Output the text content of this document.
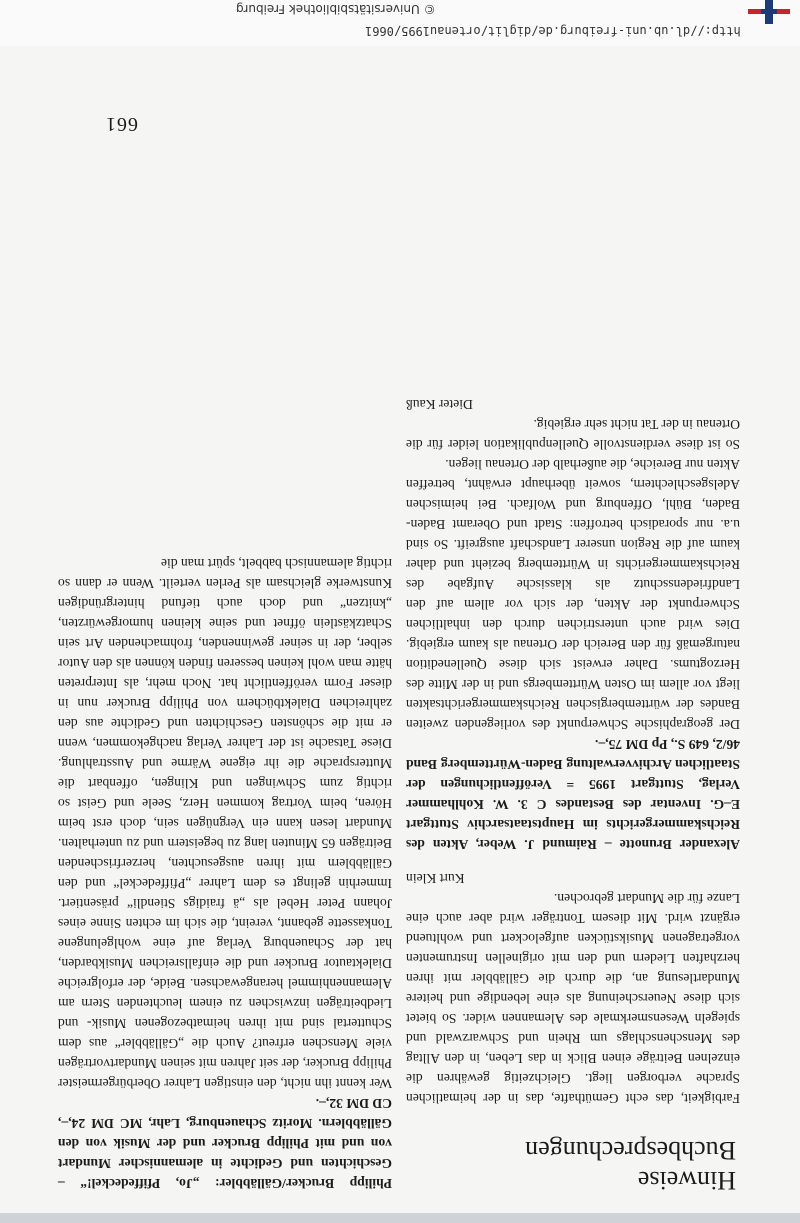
© Universitätsbibliothek Freiburg
http://dl.ub.uni-freiburg.de/diglit/ortenau1995/0661
Hinweise
Buchbesprechungen

Farbigkeit, das echt Gemüthafte, das in der heimatlichen Sprache verborgen liegt. Gleichzeitig gewähren die einzelnen Beiträge einen Blick in das Leben, in den Alltag des Menschenschlags um Rhein und Schwarzwald und spiegeln Wesensmerkmale des Alemannen wider. So bietet sich diese Neuerscheinung als eine lebendige und heitere Mundartlesung an, die durch die Gälläbbler mit ihren herzhaften Liedern und den mit originellen Instrumenten vorgetragenen Musikstücken aufgelockert und wohltuend ergänzt wird. Mit diesem Tonträger wird aber auch eine Lanze für die Mundart gebrochen.

Kurt Klein

Alexander Brunotte – Raimund J. Weber, Akten des Reichskammergerichts im Hauptstaatsarchiv Stuttgart E–G. Inventar des Bestandes C 3. W. Kohlhammer Verlag, Stuttgart 1995 = Veröffentlichungen der Staatlichen Archivverwaltung Baden-Württemberg Band 46/2, 649 S., Pp DM 75,–.

Der geographische Schwerpunkt des vorliegenden zweiten Bandes der württembergischen Reichskammergerichtsakten liegt vor allem im Osten Württembergs und in der Mitte des Herzogtums. Daher erweist sich diese Quellenedition naturgemäß für den Bereich der Ortenau als kaum ergiebig. Dies wird auch unterstrichen durch den inhaltlichen Schwerpunkt der Akten, der sich vor allem auf den Landfriedensschutz als klassische Aufgabe des Reichskammergerichts in Württemberg bezieht und daher kaum auf die Region unserer Landschaft ausgreift. So sind u.a. nur sporadisch betroffen: Stadt und Oberamt Baden-Baden, Bühl, Offenburg und Wolfach. Bei heimischen Adelsgeschlechtern, soweit überhaupt erwähnt, betreffen Akten nur Bereiche, die außerhalb der Ortenau liegen.

So ist diese verdienstvolle Quellenpublikation leider für die Ortenau in der Tat nicht sehr ergiebig.

Dieter Kauß

Philipp Brucker/Gälläbbler: „Jo, Pfiffedeckel!“ – Geschichten und Gedichte in alemannischer Mundart von und mit Philipp Brucker und der Musik von den Gälläbblern. Moritz Schauenburg, Lahr, MC DM 24,–, CD DM 32,–.

Wer kennt ihn nicht, den einstigen Lahrer Oberbürgermeister Philipp Brucker, der seit Jahren mit seinen Mundartvorträgen viele Menschen erfreut? Auch die „Gälläbbler“ aus dem Schuttertal sind mit ihren heimatbezogenen Musik- und Liedbeiträgen inzwischen zu einem leuchtenden Stern am Alemannenhimmel herangewachsen. Beide, der erfolgreiche Dialektautor Brucker und die einfallsreichen Musikbarden, hat der Schauenburg Verlag auf eine wohlgelungene Tonkassette gebannt, vereint, die sich im echten Sinne eines Johann Peter Hebel als „ä fraidigs Stiendli“ präsentiert. Immerhin gelingt es dem Lahrer „Pfiffedeckel“ und den Gälläbblern mit ihren ausgesuchten, herzerfrischenden Beiträgen 65 Minuten lang zu begeistern und zu unterhalten. Mundart lesen kann ein Vergnügen sein, doch erst beim Hören, beim Vortrag kommen Herz, Seele und Geist so richtig zum Schwingen und Klingen, offenbart die Muttersprache die ihr eigene Wärme und Ausstrahlung. Diese Tatsache ist der Lahrer Verlag nachgekommen, wenn er mit die schönsten Geschichten und Gedichte aus den zahlreichen Dialektbüchern von Philipp Brucker nun in dieser Form veröffentlicht hat. Noch mehr, als Interpreten hätte man wohl keinen besseren finden können als den Autor selber, der in seiner gewinnenden, frohmachenden Art sein Schatzkästlein öffnet und seine kleinen humorgewürzten, „knitzen“ und doch auch tiefund hintergründigen Kunstwerke gleichsam als Perlen verteilt. Wenn er dann so richtig alemannisch babbelt, spürt man die

661
